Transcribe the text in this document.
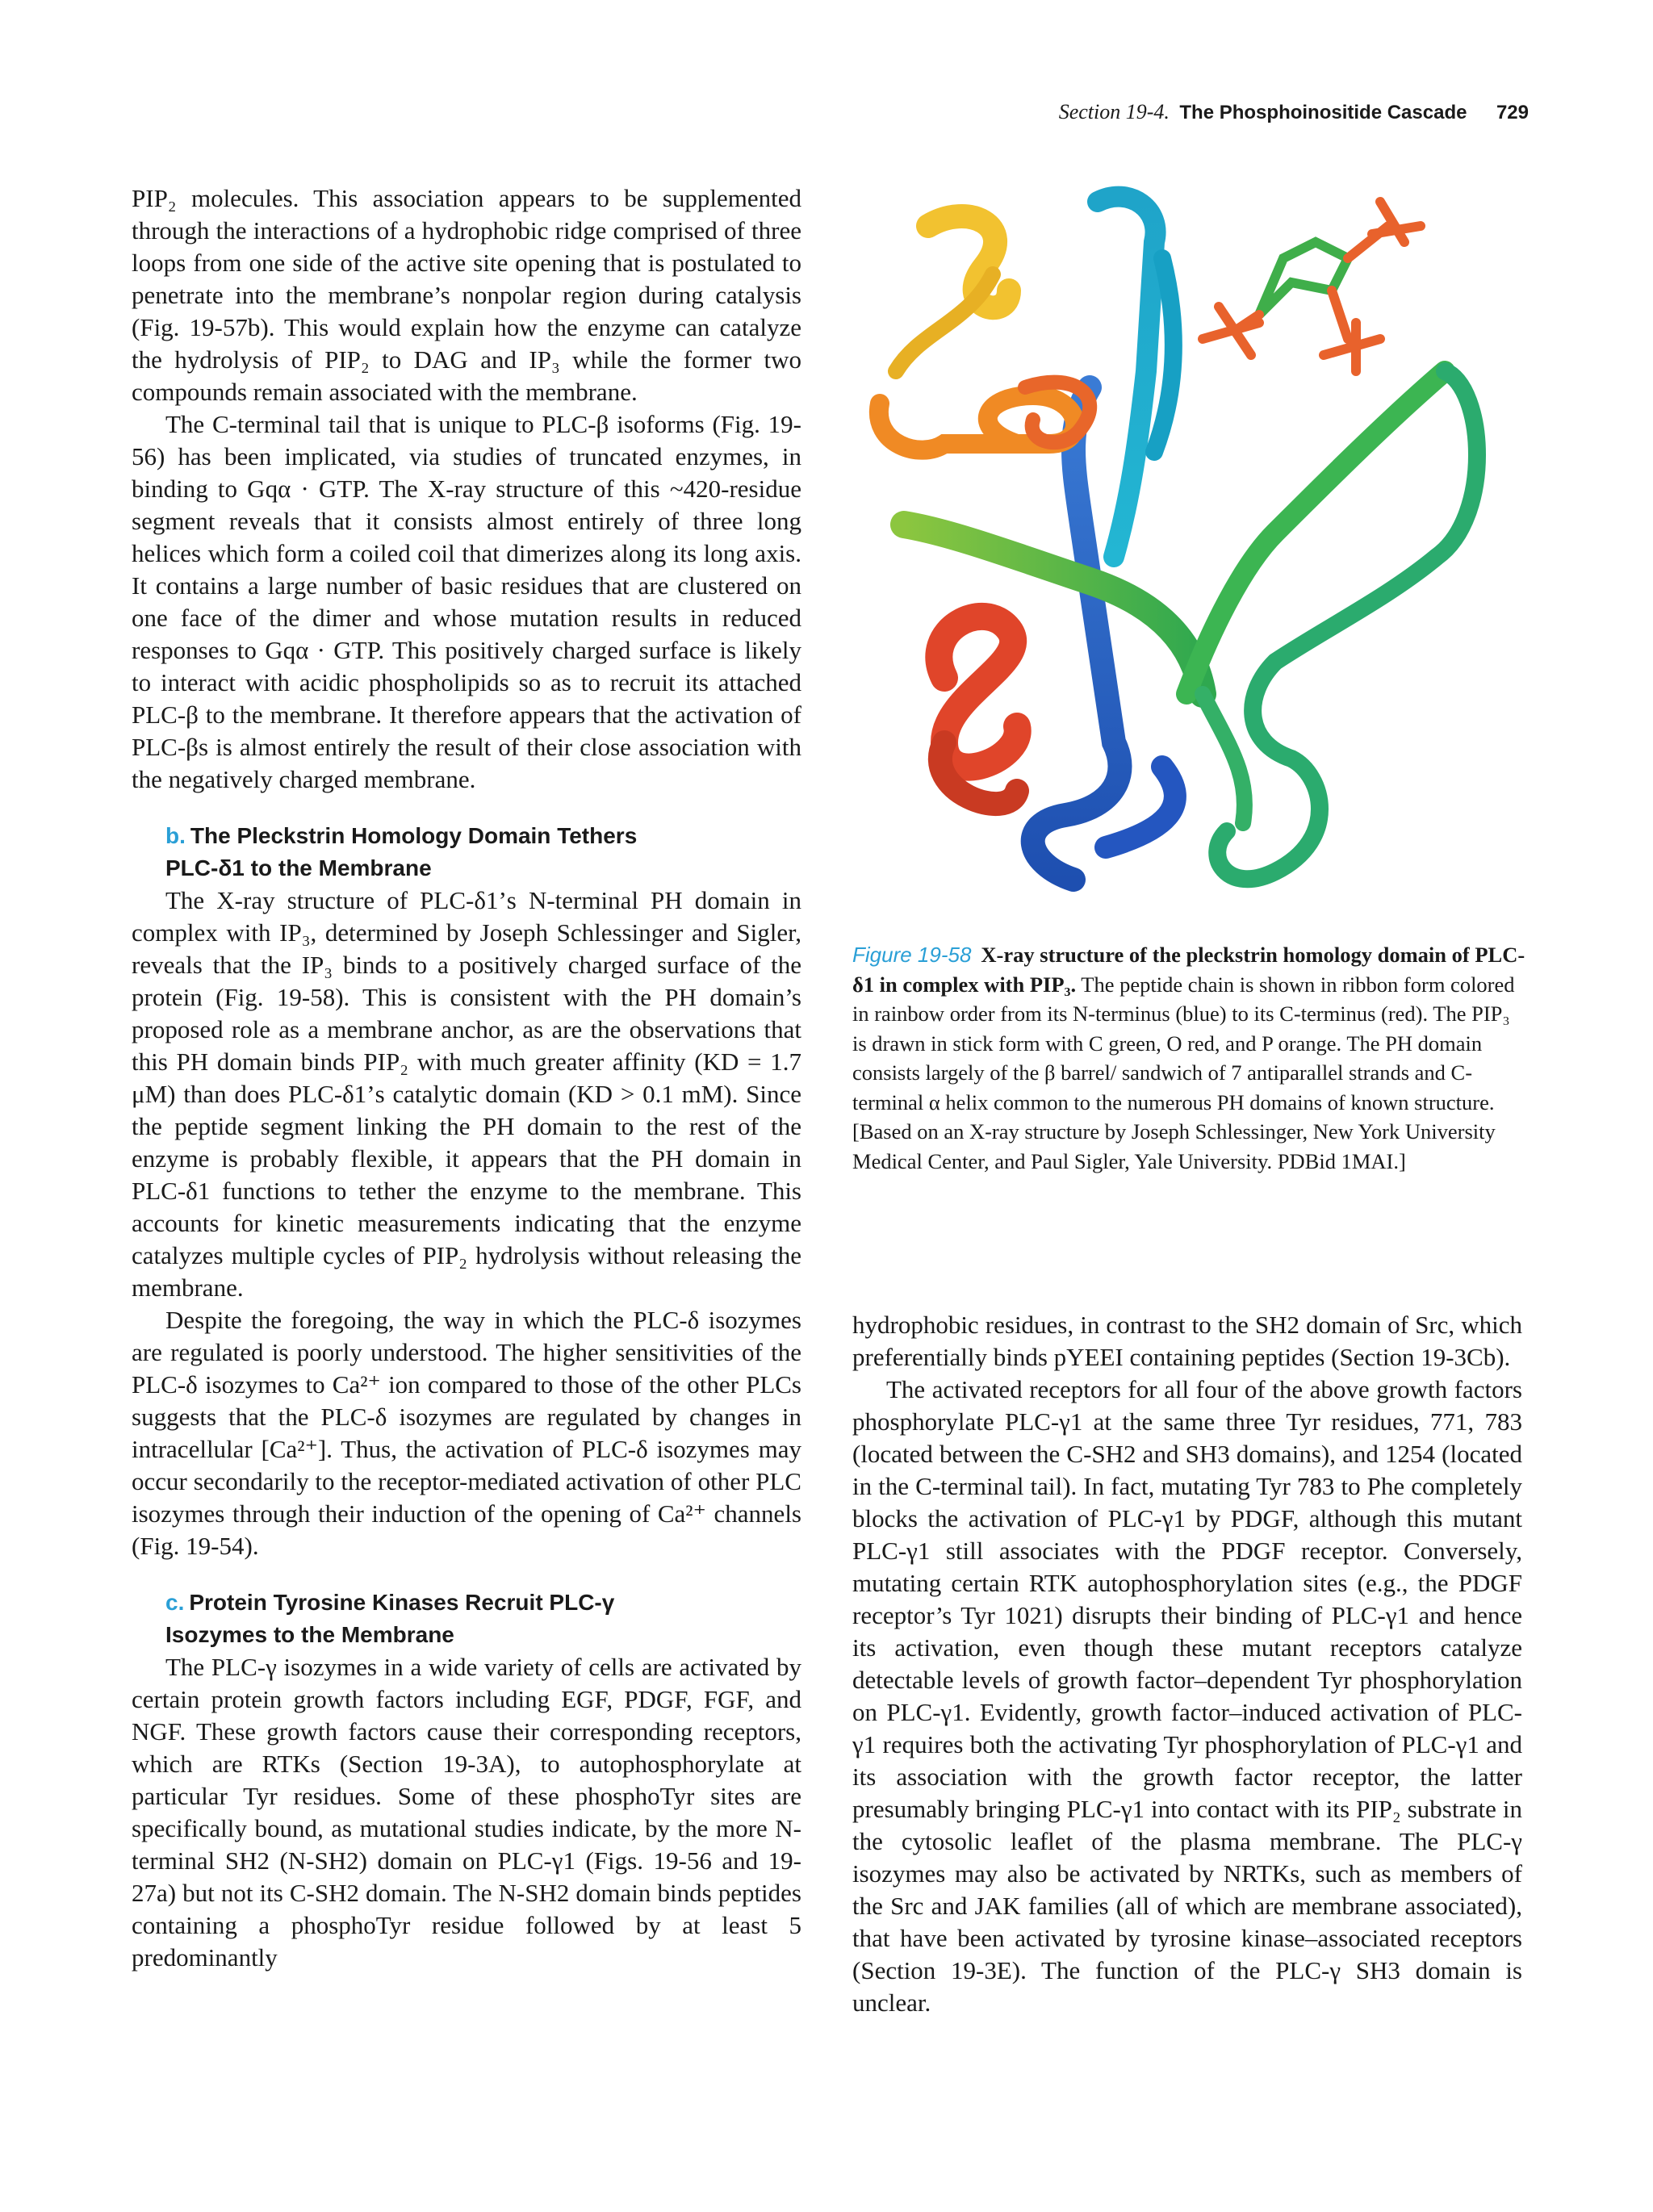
Section 19-4. The Phosphoinositide Cascade 729

PIP₂ molecules. This association appears to be supplemented through the interactions of a hydrophobic ridge comprised of three loops from one side of the active site opening that is postulated to penetrate into the membrane’s nonpolar region during catalysis (Fig. 19-57b). This would explain how the enzyme can catalyze the hydrolysis of PIP₂ to DAG and IP₃ while the former two compounds remain associated with the membrane.

The C-terminal tail that is unique to PLC-β isoforms (Fig. 19-56) has been implicated, via studies of truncated enzymes, in binding to Gqα · GTP. The X-ray structure of this ~420-residue segment reveals that it consists almost entirely of three long helices which form a coiled coil that dimerizes along its long axis. It contains a large number of basic residues that are clustered on one face of the dimer and whose mutation results in reduced responses to Gqα · GTP. This positively charged surface is likely to interact with acidic phospholipids so as to recruit its attached PLC-β to the membrane. It therefore appears that the activation of PLC-βs is almost entirely the result of their close association with the negatively charged membrane.

b. The Pleckstrin Homology Domain Tethers
PLC-δ1 to the Membrane

The X-ray structure of PLC-δ1’s N-terminal PH domain in complex with IP₃, determined by Joseph Schlessinger and Sigler, reveals that the IP₃ binds to a positively charged surface of the protein (Fig. 19-58). This is consistent with the PH domain’s proposed role as a membrane anchor, as are the observations that this PH domain binds PIP₂ with much greater affinity (KD = 1.7 μM) than does PLC-δ1’s catalytic domain (KD > 0.1 mM). Since the peptide segment linking the PH domain to the rest of the enzyme is probably flexible, it appears that the PH domain in PLC-δ1 functions to tether the enzyme to the membrane. This accounts for kinetic measurements indicating that the enzyme catalyzes multiple cycles of PIP₂ hydrolysis without releasing the membrane.

Despite the foregoing, the way in which the PLC-δ isozymes are regulated is poorly understood. The higher sensitivities of the PLC-δ isozymes to Ca²⁺ ion compared to those of the other PLCs suggests that the PLC-δ isozymes are regulated by changes in intracellular [Ca²⁺]. Thus, the activation of PLC-δ isozymes may occur secondarily to the receptor-mediated activation of other PLC isozymes through their induction of the opening of Ca²⁺ channels (Fig. 19-54).

c. Protein Tyrosine Kinases Recruit PLC-γ
Isozymes to the Membrane

The PLC-γ isozymes in a wide variety of cells are activated by certain protein growth factors including EGF, PDGF, FGF, and NGF. These growth factors cause their corresponding receptors, which are RTKs (Section 19-3A), to autophosphorylate at particular Tyr residues. Some of these phosphoTyr sites are specifically bound, as mutational studies indicate, by the more N-terminal SH2 (N-SH2) domain on PLC-γ1 (Figs. 19-56 and 19-27a) but not its C-SH2 domain. The N-SH2 domain binds peptides containing a phosphoTyr residue followed by at least 5 predominantly

Figure 19-58 X-ray structure of the pleckstrin homology domain of PLC-δ1 in complex with PIP₃. The peptide chain is shown in ribbon form colored in rainbow order from its N-terminus (blue) to its C-terminus (red). The PIP₃ is drawn in stick form with C green, O red, and P orange. The PH domain consists largely of the β barrel/ sandwich of 7 antiparallel strands and C-terminal α helix common to the numerous PH domains of known structure. [Based on an X-ray structure by Joseph Schlessinger, New York University Medical Center, and Paul Sigler, Yale University. PDBid 1MAI.]

hydrophobic residues, in contrast to the SH2 domain of Src, which preferentially binds pYEEI containing peptides (Section 19-3Cb).

The activated receptors for all four of the above growth factors phosphorylate PLC-γ1 at the same three Tyr residues, 771, 783 (located between the C-SH2 and SH3 domains), and 1254 (located in the C-terminal tail). In fact, mutating Tyr 783 to Phe completely blocks the activation of PLC-γ1 by PDGF, although this mutant PLC-γ1 still associates with the PDGF receptor. Conversely, mutating certain RTK autophosphorylation sites (e.g., the PDGF receptor’s Tyr 1021) disrupts their binding of PLC-γ1 and hence its activation, even though these mutant receptors catalyze detectable levels of growth factor–dependent Tyr phosphorylation on PLC-γ1. Evidently, growth factor–induced activation of PLC-γ1 requires both the activating Tyr phosphorylation of PLC-γ1 and its association with the growth factor receptor, the latter presumably bringing PLC-γ1 into contact with its PIP₂ substrate in the cytosolic leaflet of the plasma membrane. The PLC-γ isozymes may also be activated by NRTKs, such as members of the Src and JAK families (all of which are membrane associated), that have been activated by tyrosine kinase–associated receptors (Section 19-3E). The function of the PLC-γ SH3 domain is unclear.
